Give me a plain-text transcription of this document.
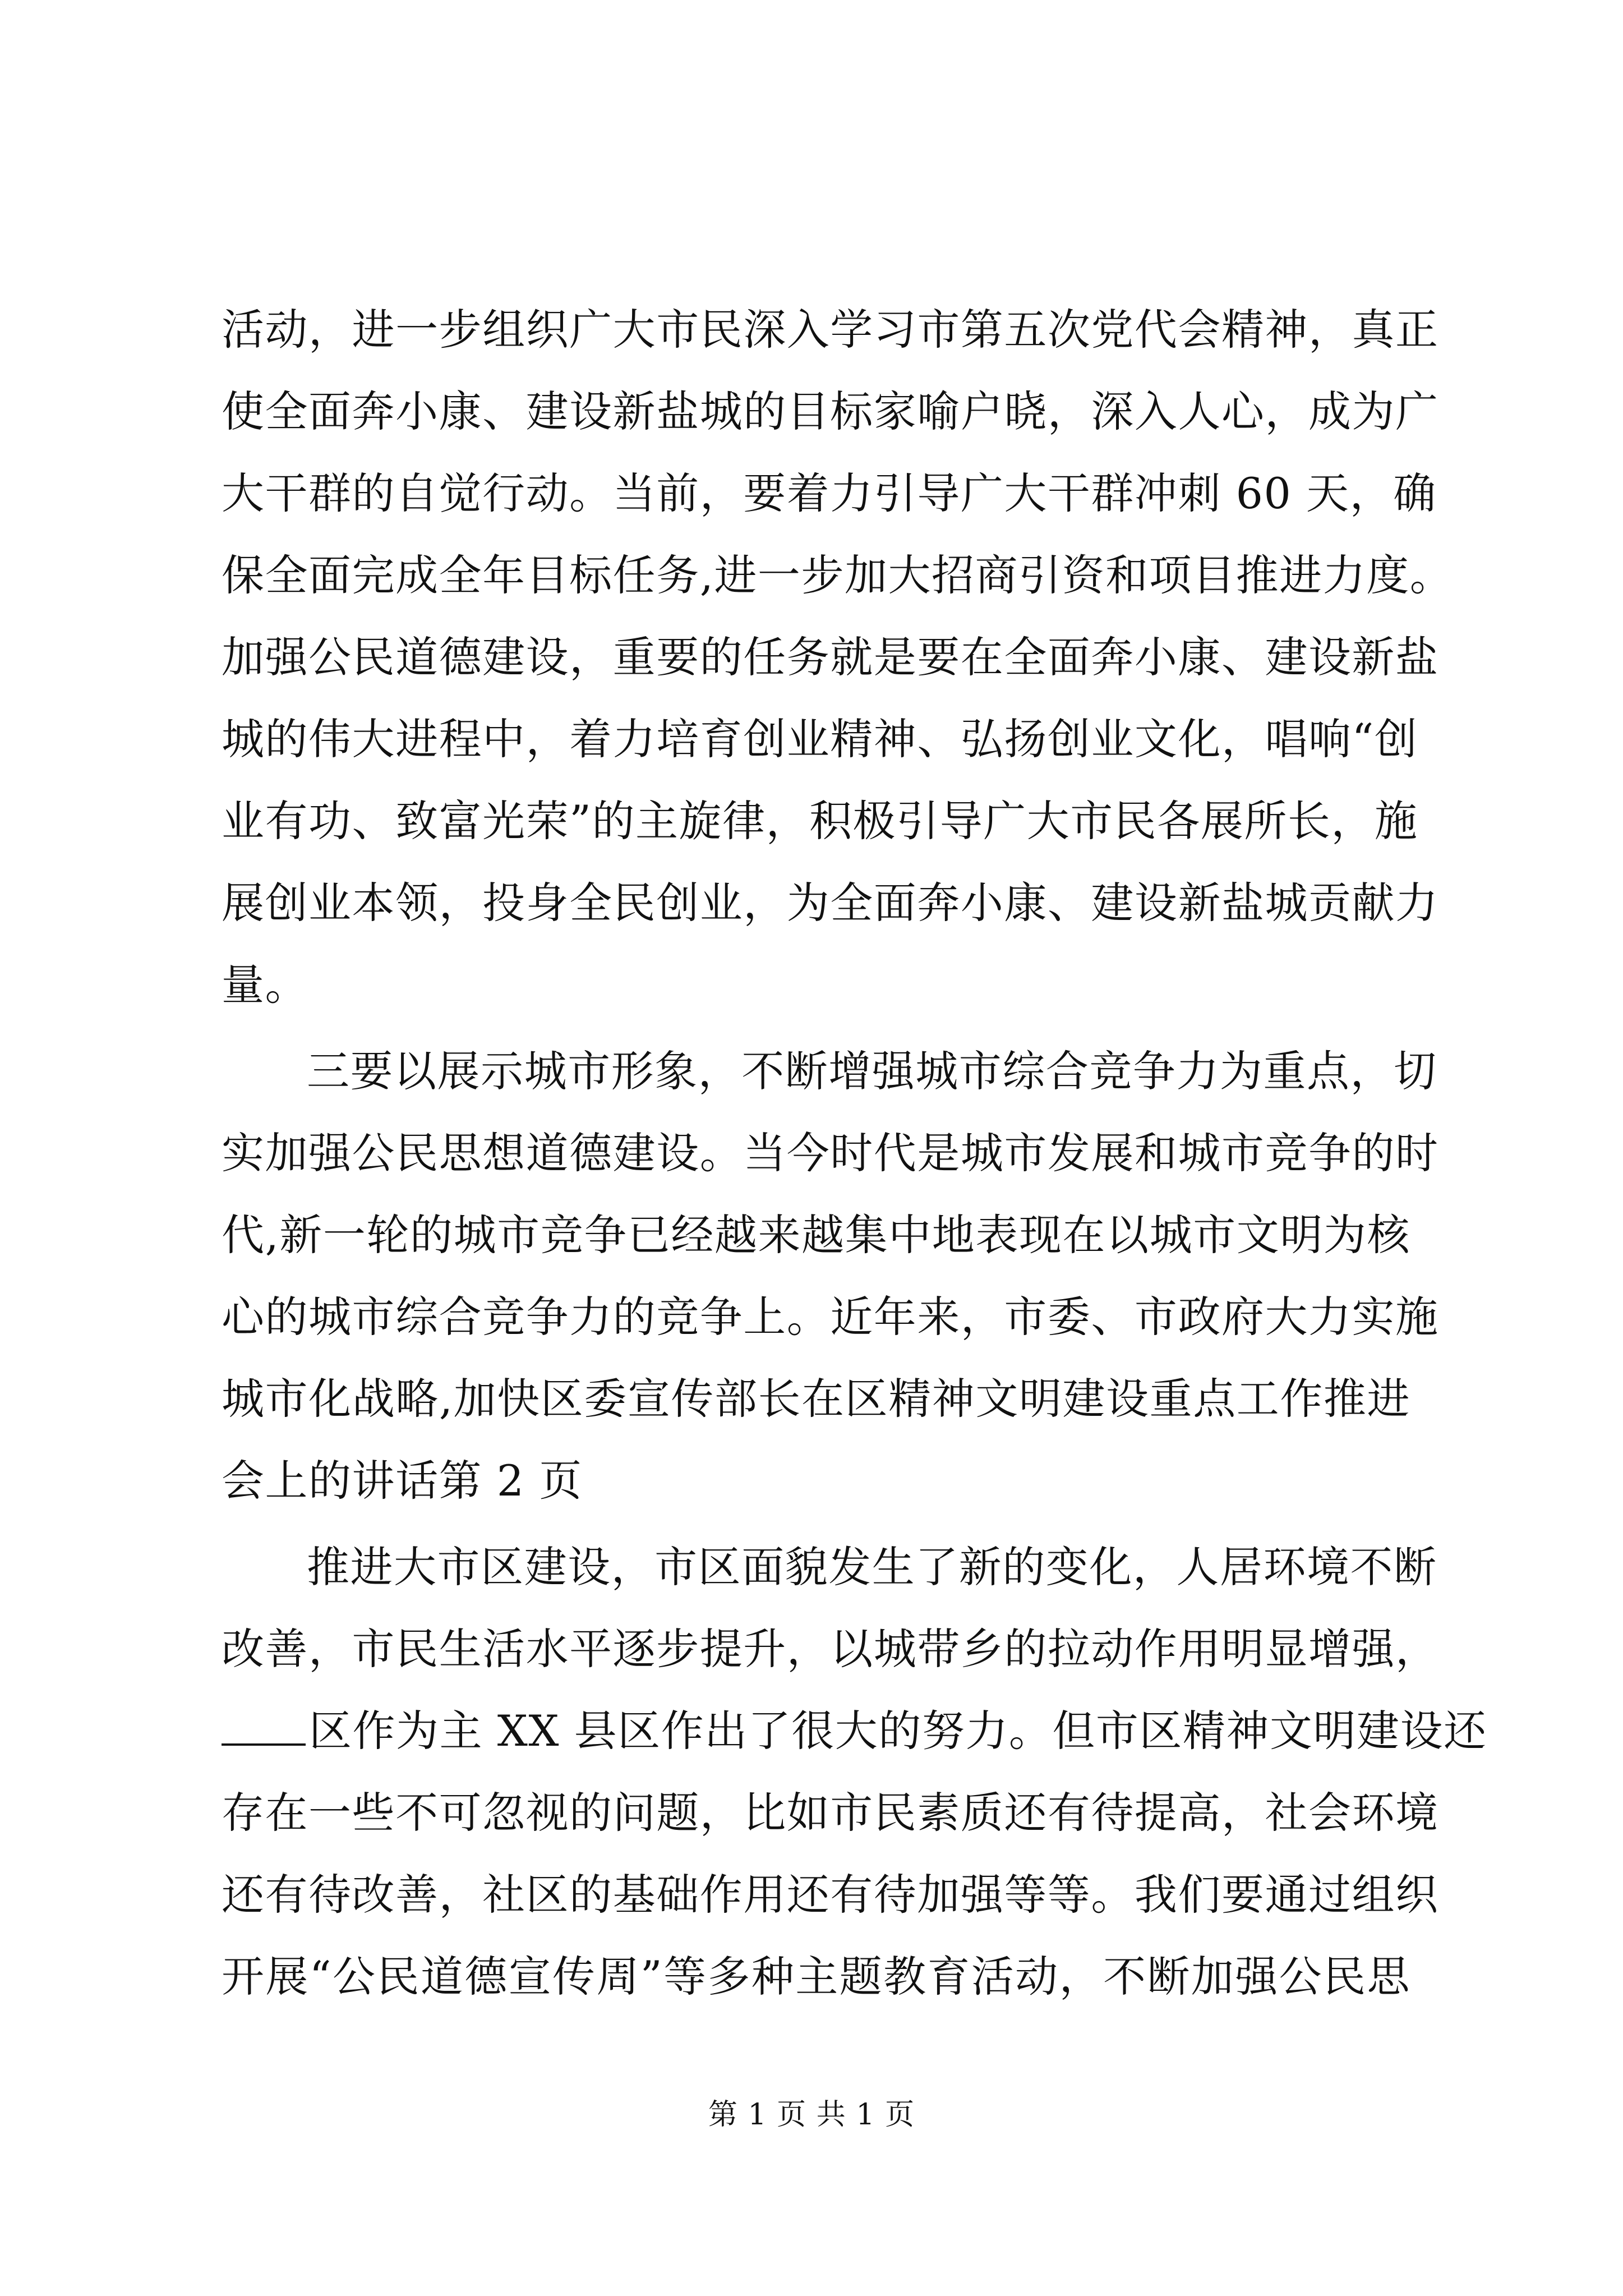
活动，进一步组织广大市民深入学习市第五次党代会精神，真正
使全面奔小康、建设新盐城的目标家喻户晓，深入人心，成为广
大干群的自觉行动。当前，要着力引导广大干群冲刺 60 天，确
保全面完成全年目标任务,进一步加大招商引资和项目推进力度。
加强公民道德建设，重要的任务就是要在全面奔小康、建设新盐
城的伟大进程中，着力培育创业精神、弘扬创业文化，唱响“创
业有功、致富光荣”的主旋律，积极引导广大市民各展所长，施
展创业本领，投身全民创业，为全面奔小康、建设新盐城贡献力
量。
三要以展示城市形象，不断增强城市综合竞争力为重点，切
实加强公民思想道德建设。当今时代是城市发展和城市竞争的时
代,新一轮的城市竞争已经越来越集中地表现在以城市文明为核
心的城市综合竞争力的竞争上。近年来，市委、市政府大力实施
城市化战略,加快区委宣传部长在区精神文明建设重点工作推进
会上的讲话第 2 页
推进大市区建设，市区面貌发生了新的变化，人居环境不断
改善，市民生活水平逐步提升，以城带乡的拉动作用明显增强，
区作为主 XX 县区作出了很大的努力。但市区精神文明建设还
存在一些不可忽视的问题，比如市民素质还有待提高，社会环境
还有待改善，社区的基础作用还有待加强等等。我们要通过组织
开展“公民道德宣传周”等多种主题教育活动，不断加强公民思
第 1 页 共 1 页
